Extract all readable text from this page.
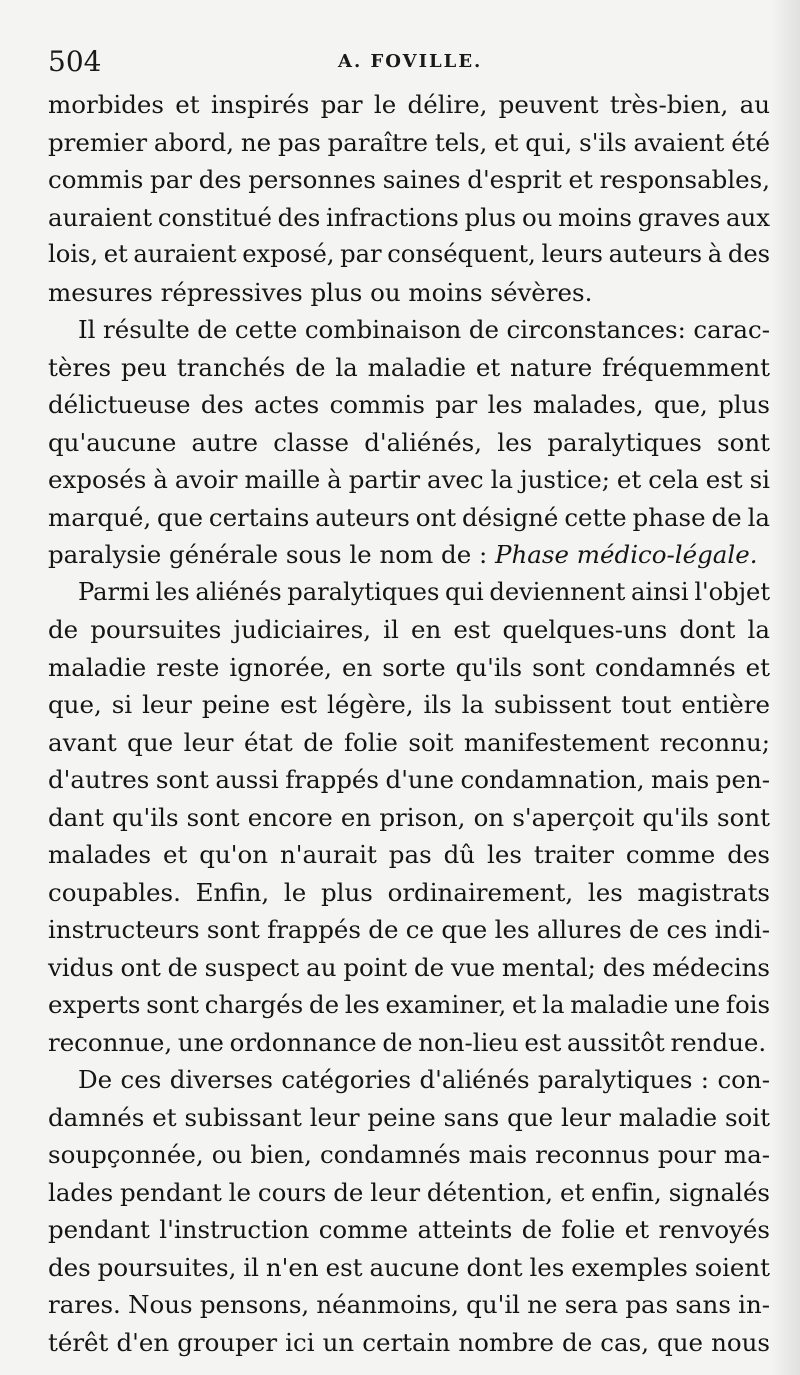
504	A. FOVILLE.

morbides et inspirés par le délire, peuvent très-bien, au
premier abord, ne pas paraître tels, et qui, s'ils avaient été
commis par des personnes saines d'esprit et responsables,
auraient constitué des infractions plus ou moins graves aux
lois, et auraient exposé, par conséquent, leurs auteurs à des
mesures répressives plus ou moins sévères.

Il résulte de cette combinaison de circonstances: carac-
tères peu tranchés de la maladie et nature fréquemment
délictueuse des actes commis par les malades, que, plus
qu'aucune autre classe d'aliénés, les paralytiques sont
exposés à avoir maille à partir avec la justice; et cela est si
marqué, que certains auteurs ont désigné cette phase de la
paralysie générale sous le nom de : Phase médico-légale.

Parmi les aliénés paralytiques qui deviennent ainsi l'objet
de poursuites judiciaires, il en est quelques-uns dont la
maladie reste ignorée, en sorte qu'ils sont condamnés et
que, si leur peine est légère, ils la subissent tout entière
avant que leur état de folie soit manifestement reconnu;
d'autres sont aussi frappés d'une condamnation, mais pen-
dant qu'ils sont encore en prison, on s'aperçoit qu'ils sont
malades et qu'on n'aurait pas dû les traiter comme des
coupables. Enfin, le plus ordinairement, les magistrats
instructeurs sont frappés de ce que les allures de ces indi-
vidus ont de suspect au point de vue mental; des médecins
experts sont chargés de les examiner, et la maladie une fois
reconnue, une ordonnance de non-lieu est aussitôt rendue.

De ces diverses catégories d'aliénés paralytiques : con-
damnés et subissant leur peine sans que leur maladie soit
soupçonnée, ou bien, condamnés mais reconnus pour ma-
lades pendant le cours de leur détention, et enfin, signalés
pendant l'instruction comme atteints de folie et renvoyés
des poursuites, il n'en est aucune dont les exemples soient
rares. Nous pensons, néanmoins, qu'il ne sera pas sans in-
térêt d'en grouper ici un certain nombre de cas, que nous
